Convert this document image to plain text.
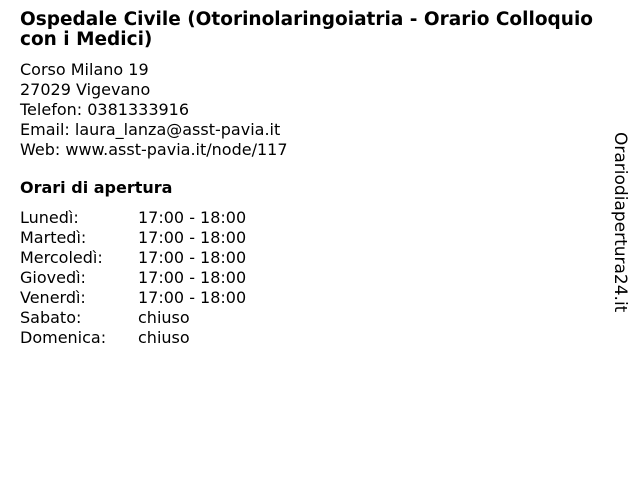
Ospedale Civile (Otorinolaringoiatria - Orario Colloquio con i Medici)
Corso Milano 19
27029 Vigevano
Telefon: 0381333916
Email: laura_lanza@asst-pavia.it
Web: www.asst-pavia.it/node/117
Orari di apertura
Lunedì:	17:00 - 18:00
Martedì:	17:00 - 18:00
Mercoledì:	17:00 - 18:00
Giovedì:	17:00 - 18:00
Venerdì:	17:00 - 18:00
Sabato:	chiuso
Domenica:	chiuso
Orariodiapertura24.it
